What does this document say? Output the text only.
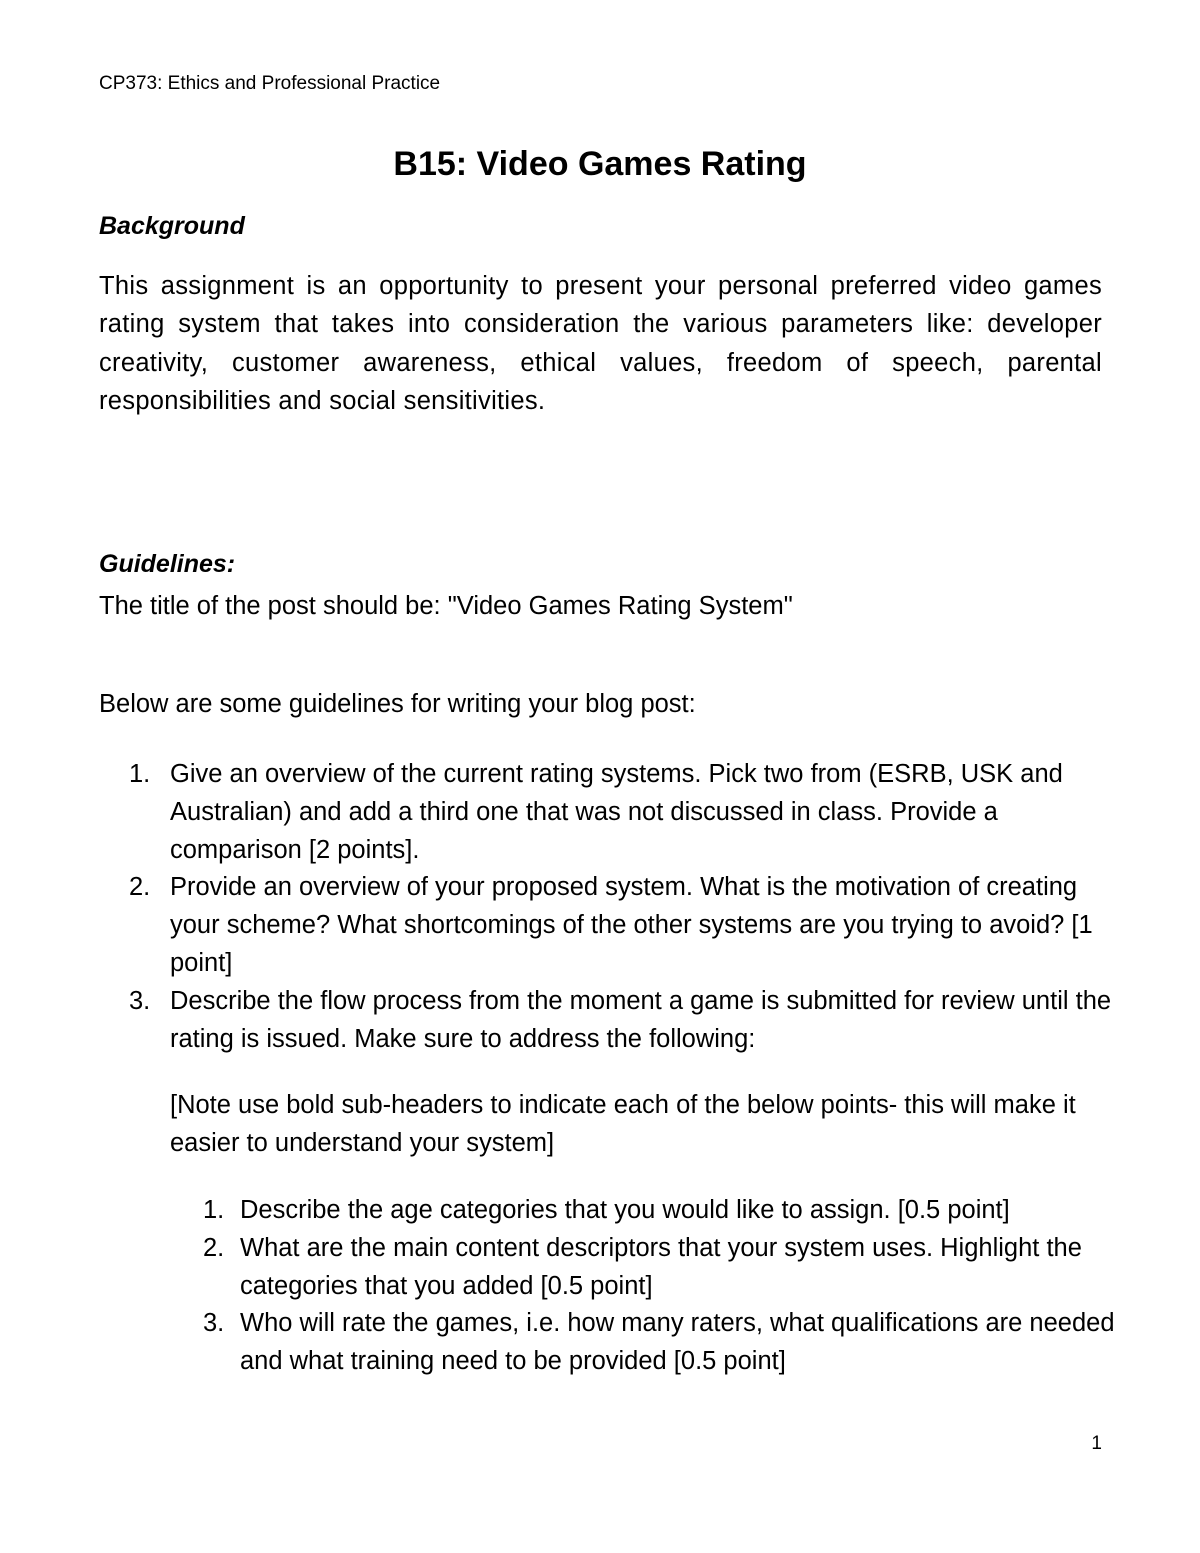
CP373: Ethics and Professional Practice
B15: Video Games Rating
Background
This assignment is an opportunity to present your personal preferred video games rating system that takes into consideration the various parameters like: developer creativity, customer awareness, ethical values, freedom of speech, parental responsibilities and social sensitivities.
Guidelines:
The title of the post should be: "Video Games Rating System"
Below are some guidelines for writing your blog post:
1. Give an overview of the current rating systems. Pick two from (ESRB, USK and Australian) and add a third one that was not discussed in class. Provide a comparison [2 points].
2. Provide an overview of your proposed system. What is the motivation of creating your scheme? What shortcomings of the other systems are you trying to avoid? [1 point]
3. Describe the flow process from the moment a game is submitted for review until the rating is issued. Make sure to address the following:
[Note use bold sub-headers to indicate each of the below points- this will make it easier to understand your system]
1. Describe the age categories that you would like to assign. [0.5 point]
2. What are the main content descriptors that your system uses. Highlight the categories that you added [0.5 point]
3. Who will rate the games, i.e. how many raters, what qualifications are needed and what training need to be provided [0.5 point]
1
